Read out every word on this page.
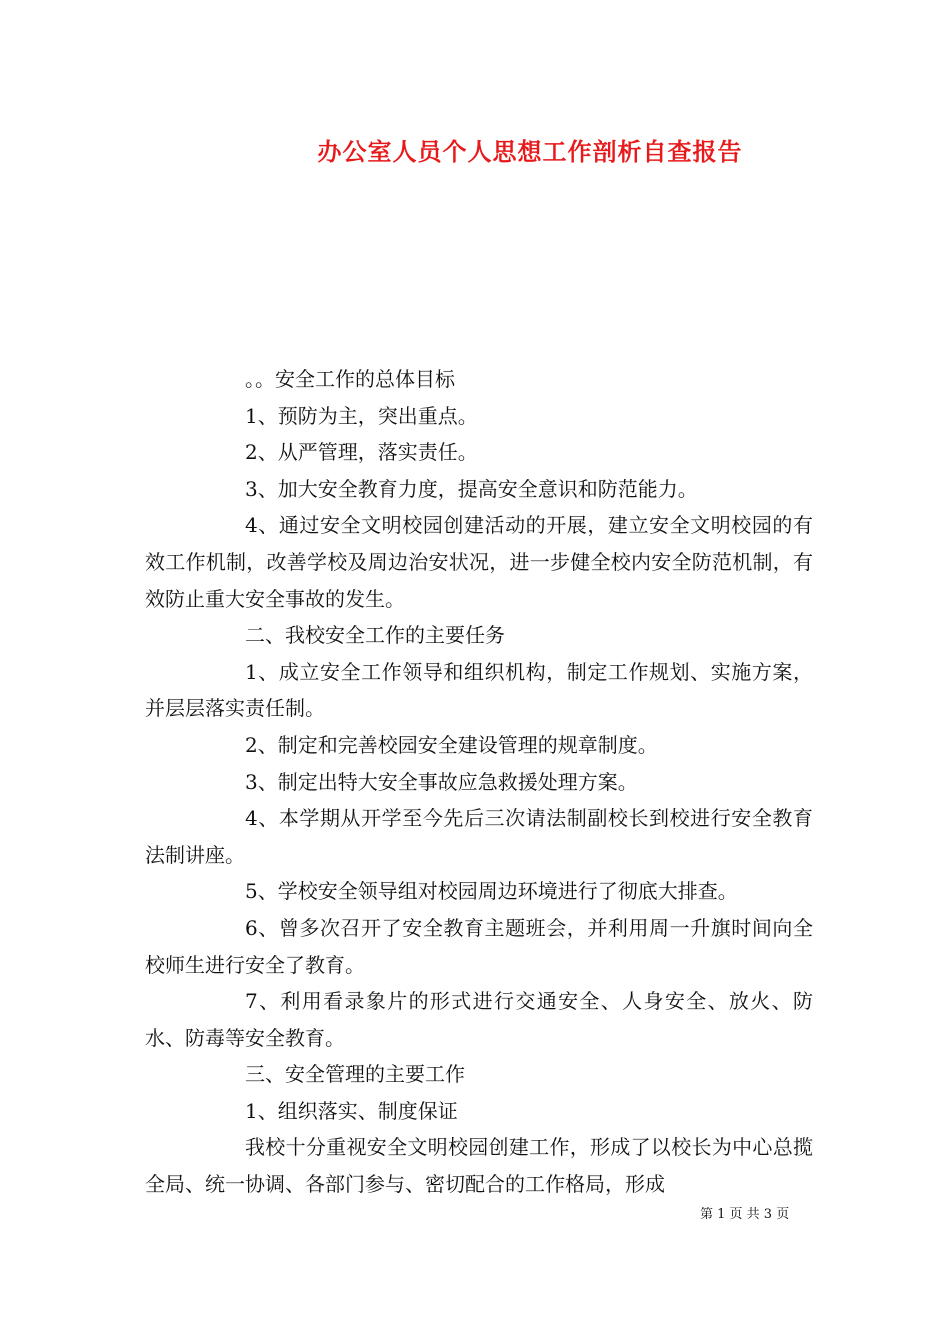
办公室人员个人思想工作剖析自查报告

。。安全工作的总体目标

1、预防为主，突出重点。

2、从严管理，落实责任。

3、加大安全教育力度，提高安全意识和防范能力。

4、通过安全文明校园创建活动的开展，建立安全文明校园的有效工作机制，改善学校及周边治安状况，进一步健全校内安全防范机制，有效防止重大安全事故的发生。

二、我校安全工作的主要任务

1、成立安全工作领导和组织机构，制定工作规划、实施方案，并层层落实责任制。

2、制定和完善校园安全建设管理的规章制度。

3、制定出特大安全事故应急救援处理方案。

4、本学期从开学至今先后三次请法制副校长到校进行安全教育法制讲座。

5、学校安全领导组对校园周边环境进行了彻底大排查。

6、曾多次召开了安全教育主题班会，并利用周一升旗时间向全校师生进行安全了教育。

7、利用看录象片的形式进行交通安全、人身安全、放火、防水、防毒等安全教育。

三、安全管理的主要工作

1、组织落实、制度保证

我校十分重视安全文明校园创建工作，形成了以校长为中心总揽全局、统一协调、各部门参与、密切配合的工作格局，形成

第 1 页 共 3 页
